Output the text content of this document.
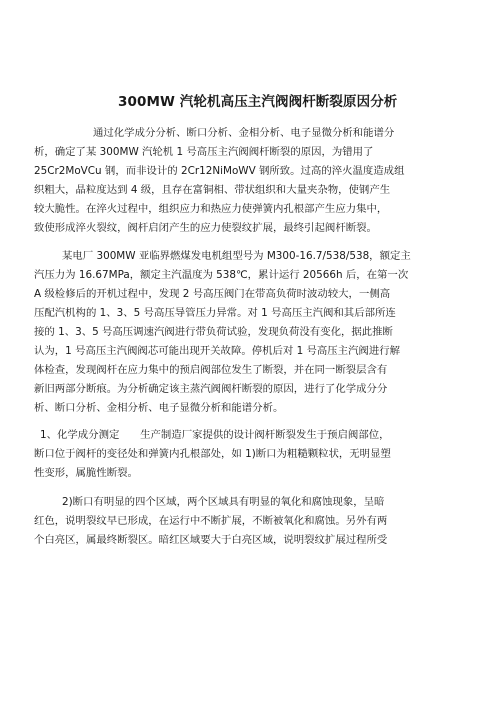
300MW 汽轮机高压主汽阀阀杆断裂原因分析
通过化学成分分析、断口分析、金相分析、电子显微分析和能谱分
析，确定了某 300MW 汽轮机 1 号高压主汽阀阀杆断裂的原因，为错用了
25Cr2MoVCu 钢，而非设计的 2Cr12NiMoWV 钢所致。过高的淬火温度造成组
织粗大，晶粒度达到 4 级，且存在富铜相、带状组织和大量夹杂物，使钢产生
较大脆性。在淬火过程中，组织应力和热应力使弹簧内孔根部产生应力集中，
致使形成淬火裂纹，阀杆启闭产生的应力使裂纹扩展，最终引起阀杆断裂。
某电厂 300MW 亚临界燃煤发电机组型号为 M300-16.7/538/538，额定主
汽压力为 16.67MPa，额定主汽温度为 538℃，累计运行 20566h 后，在第一次
A 级检修后的开机过程中，发现 2 号高压阀门在带高负荷时波动较大，一侧高
压配汽机构的 1、3、5 号高压导管压力异常。对 1 号高压主汽阀和其后部所连
接的 1、3、5 号高压调速汽阀进行带负荷试验，发现负荷没有变化，据此推断
认为，1 号高压主汽阀阀芯可能出现开关故障。停机后对 1 号高压主汽阀进行解
体检查，发现阀杆在应力集中的预启阀部位发生了断裂，并在同一断裂层含有
新旧两部分断痕。为分析确定该主蒸汽阀阀杆断裂的原因，进行了化学成分分
析、断口分析、金相分析、电子显微分析和能谱分析。
1、化学成分测定　　生产制造厂家提供的设计阀杆断裂发生于预启阀部位，
断口位于阀杆的变径处和弹簧内孔根部处，如 1)断口为粗糙颗粒状，无明显塑
性变形，属脆性断裂。
2)断口有明显的四个区域，两个区域具有明显的氧化和腐蚀现象，呈暗
红色，说明裂纹早已形成，在运行中不断扩展，不断被氧化和腐蚀。另外有两
个白亮区，属最终断裂区。暗红区域要大于白亮区域，说明裂纹扩展过程所受
